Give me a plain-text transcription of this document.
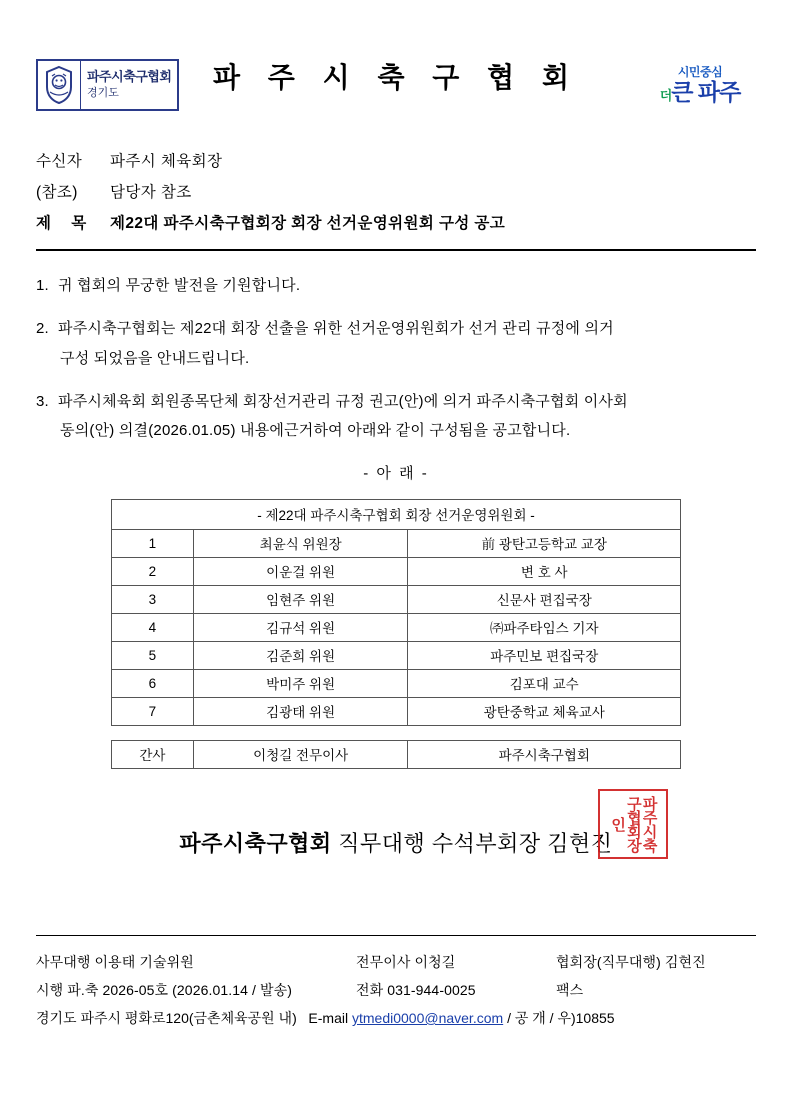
파주시축구협회
경기도	파 주 시 축 구 협 회	시민중심
더큰 파주
수신자 파주시 체육회장
(참조) 담당자 참조
제 목 제22대 파주시축구협회장 회장 선거운영위원회 구성 공고
1. 귀 협회의 무궁한 발전을 기원합니다.
2. 파주시축구협회는 제22대 회장 선출을 위한 선거운영위원회가 선거 관리 규정에 의거
구성 되었음을 안내드립니다.
3. 파주시체육회 회원종목단체 회장선거관리 규정 권고(안)에 의거 파주시축구협회 이사회
동의(안) 의결(2026.01.05) 내용에근거하여 아래와 같이 구성됨을 공고합니다.
- 아 래 -
- 제22대 파주시축구협회 회장 선거운영위원회 -		
1	최윤식 위원장	前 광탄고등학교 교장
2	이운걸 위원	변 호 사
3	임현주 위원	신문사 편집국장
4	김규석 위원	㈜파주타임스 기자
5	김준희 위원	파주민보 편집국장
6	박미주 위원	김포대 교수
7	김광태 위원	광탄중학교 체육교사
간사	이청길 전무이사	파주시축구협회
파주시축구협회 직무대행 수석부회장 김현진	파주시축구협회장인
사무대행 이용태 기술위원	전무이사 이청길	협회장(직무대행) 김현진
시행 파.축 2026-05호 (2026.01.14 / 발송)	전화 031-944-0025	팩스
경기도 파주시 평화로120(금촌체육공원 내) E-mail ytmedi0000@naver.com / 공 개 / 우)10855
